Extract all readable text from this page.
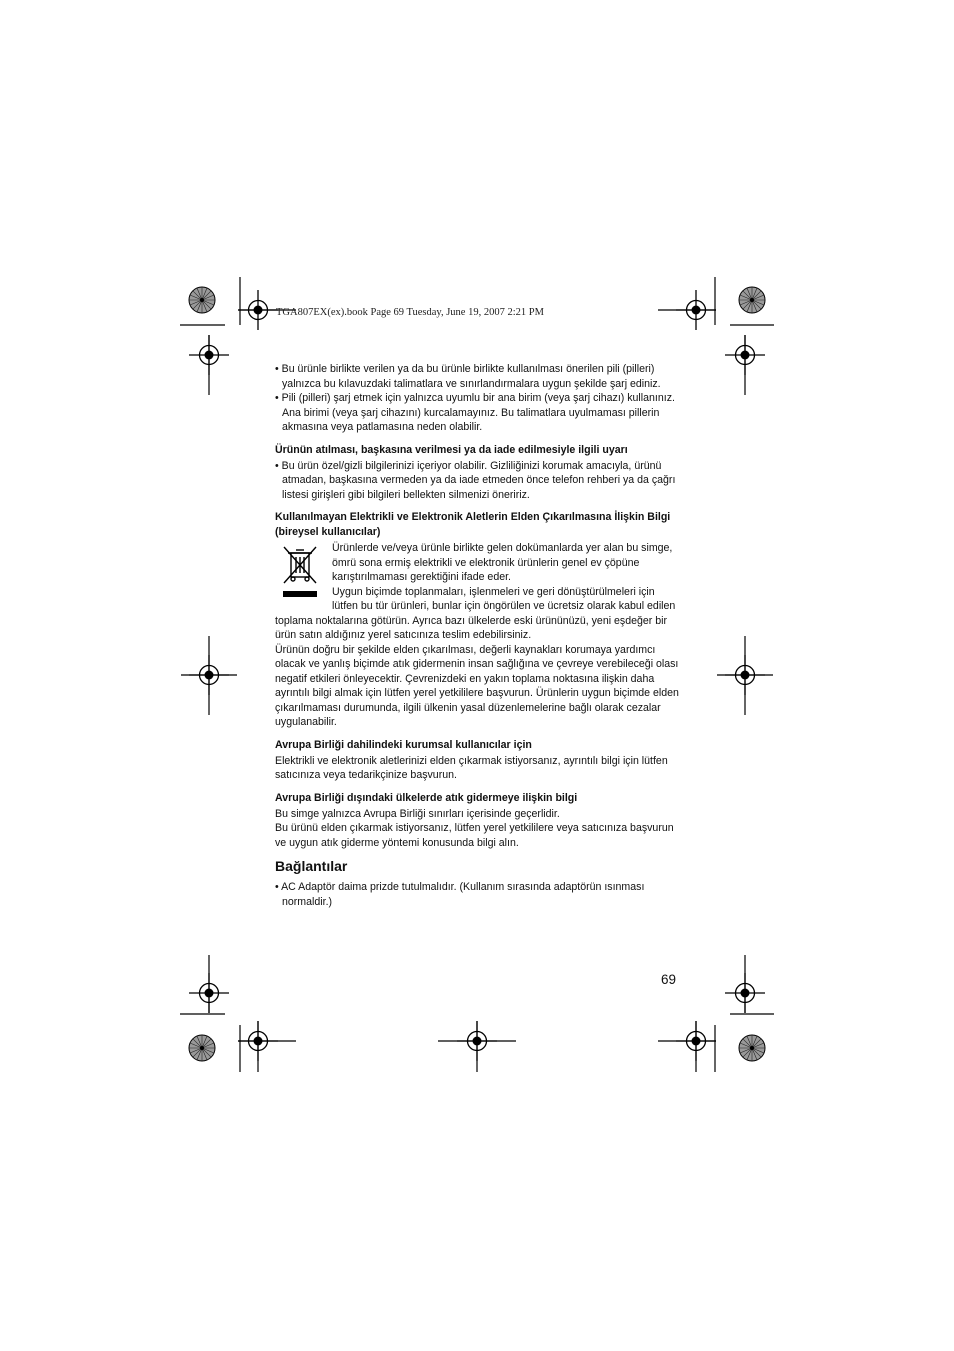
TGA807EX(ex).book Page 69 Tuesday, June 19, 2007 2:21 PM

• Bu ürünle birlikte verilen ya da bu ürünle birlikte kullanılması önerilen pili (pilleri) yalnızca bu kılavuzdaki talimatlara ve sınırlandırmalara uygun şekilde şarj ediniz.

• Pili (pilleri) şarj etmek için yalnızca uyumlu bir ana birim (veya şarj cihazı) kullanınız. Ana birimi (veya şarj cihazını) kurcalamayınız. Bu talimatlara uyulmaması pillerin akmasına veya patlamasına neden olabilir.

Ürünün atılması, başkasına verilmesi ya da iade edilmesiyle ilgili uyarı

• Bu ürün özel/gizli bilgilerinizi içeriyor olabilir. Gizliliğinizi korumak amacıyla, ürünü atmadan, başkasına vermeden ya da iade etmeden önce telefon rehberi ya da çağrı listesi girişleri gibi bilgileri bellekten silmenizi öneririz.

Kullanılmayan Elektrikli ve Elektronik Aletlerin Elden Çıkarılmasına İlişkin Bilgi (bireysel kullanıcılar)

Ürünlerde ve/veya ürünle birlikte gelen dokümanlarda yer alan bu simge, ömrü sona ermiş elektrikli ve elektronik ürünlerin genel ev çöpüne karıştırılmaması gerektiğini ifade eder.

Uygun biçimde toplanmaları, işlenmeleri ve geri dönüştürülmeleri için lütfen bu tür ürünleri, bunlar için öngörülen ve ücretsiz olarak kabul edilen toplama noktalarına götürün. Ayrıca bazı ülkelerde eski ürününüzü, yeni eşdeğer bir ürün satın aldığınız yerel satıcınıza teslim edebilirsiniz.

Ürünün doğru bir şekilde elden çıkarılması, değerli kaynakları korumaya yardımcı olacak ve yanlış biçimde atık gidermenin insan sağlığına ve çevreye verebileceği olası negatif etkileri önleyecektir. Çevrenizdeki en yakın toplama noktasına ilişkin daha ayrıntılı bilgi almak için lütfen yerel yetkililere başvurun. Ürünlerin uygun biçimde elden çıkarılmaması durumunda, ilgili ülkenin yasal düzenlemelerine bağlı olarak cezalar uygulanabilir.

Avrupa Birliği dahilindeki kurumsal kullanıcılar için

Elektrikli ve elektronik aletlerinizi elden çıkarmak istiyorsanız, ayrıntılı bilgi için lütfen satıcınıza veya tedarikçinize başvurun.

Avrupa Birliği dışındaki ülkelerde atık gidermeye ilişkin bilgi

Bu simge yalnızca Avrupa Birliği sınırları içerisinde geçerlidir.

Bu ürünü elden çıkarmak istiyorsanız, lütfen yerel yetkililere veya satıcınıza başvurun ve uygun atık giderme yöntemi konusunda bilgi alın.

Bağlantılar

• AC Adaptör daima prizde tutulmalıdır. (Kullanım sırasında adaptörün ısınması normaldir.)

69
